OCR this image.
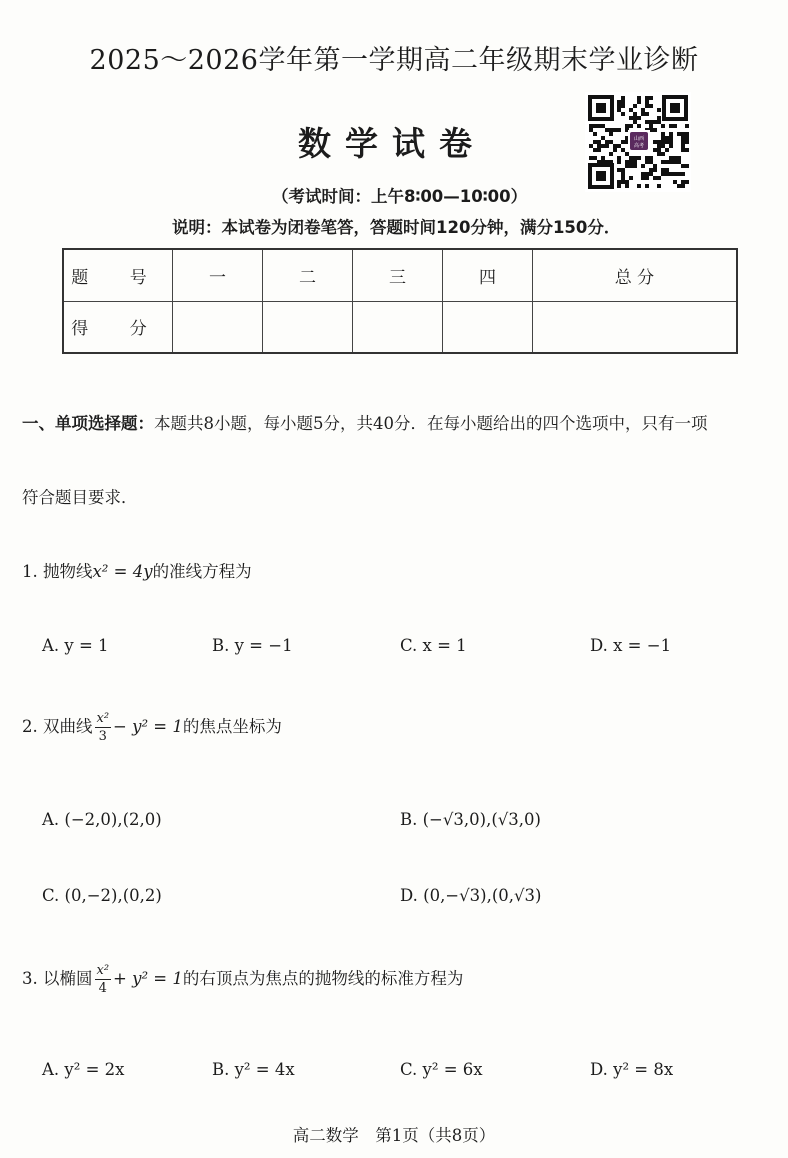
2025～2026学年第一学期高二年级期末学业诊断
数学试卷	山西
高考
（考试时间：上午8∶00—10∶00）
说明：本试卷为闭卷笔答，答题时间120分钟，满分150分．
题 号	一	二	三	四	总 分
得 分					
一、单项选择题：本题共8小题，每小题5分，共40分．在每小题给出的四个选项中，只有一项
符合题目要求．
1. 抛物线x² = 4y的准线方程为
A. y = 1	B. y = −1	C. x = 1	D. x = −1
2. 双曲线 $\frac{\text{x²}}{3} - y^2 = 1$的焦点坐标为
A. (−2,0),(2,0)	B. (−√3,0),(√3,0)
C. (0,−2),(0,2)	D. (0,−√3),(0,√3)
3. 以椭圆 $\frac{\text{x²}}{4} + y^2 = 1$的右顶点为焦点的抛物线的标准方程为
A. y² = 2x	B. y² = 4x	C. y² = 6x	D. y² = 8x
高二数学　第1页（共8页）
